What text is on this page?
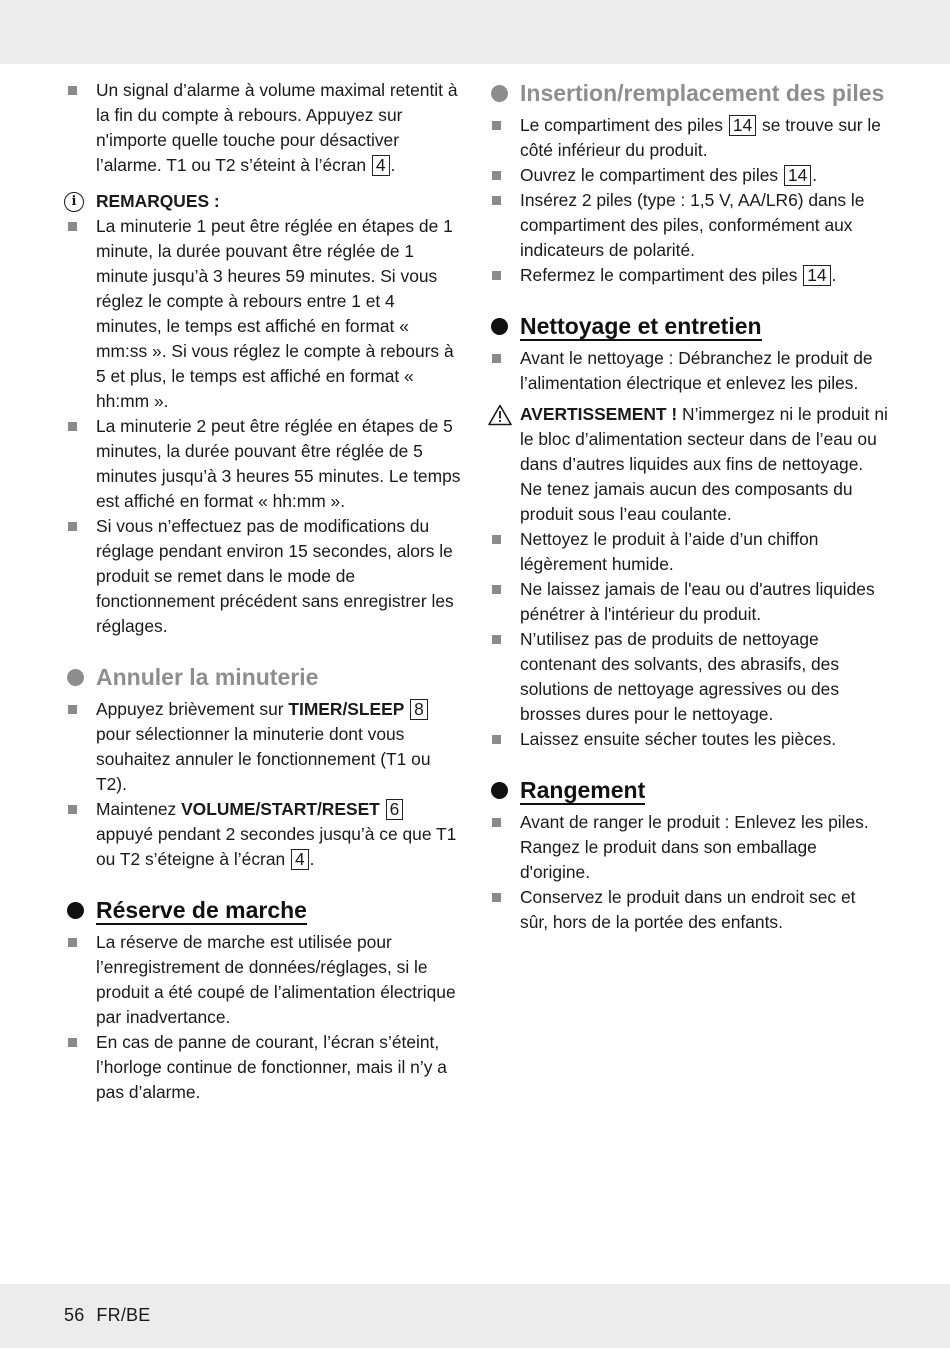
Un signal d’alarme à volume maximal retentit à la fin du compte à rebours. Appuyez sur n'importe quelle touche pour désactiver l’alarme. T1 ou T2 s’éteint à l’écran 4 .
i	REMARQUES :
La minuterie 1 peut être réglée en étapes de 1 minute, la durée pouvant être réglée de 1 minute jusqu’à 3 heures 59 minutes. Si vous réglez le compte à rebours entre 1 et 4 minutes, le temps est affiché en format « mm:ss ». Si vous réglez le compte à rebours à 5 et plus, le temps est affiché en format « hh:mm ».
La minuterie 2 peut être réglée en étapes de 5 minutes, la durée pouvant être réglée de 5 minutes jusqu’à 3 heures 55 minutes. Le temps est affiché en format « hh:mm ».
Si vous n’effectuez pas de modifications du réglage pendant environ 15 secondes, alors le produit se remet dans le mode de fonctionnement précédent sans enregistrer les réglages.
Annuler la minuterie
Appuyez brièvement sur TIMER/SLEEP 8 pour sélectionner la minuterie dont vous souhaitez annuler le fonctionnement (T1 ou T2).
Maintenez VOLUME/START/RESET 6 appuyé pendant 2 secondes jusqu’à ce que T1 ou T2 s’éteigne à l’écran 4 .
Réserve de marche
La réserve de marche est utilisée pour l’enregistrement de données/réglages, si le produit a été coupé de l’alimentation électrique par inadvertance.
En cas de panne de courant, l’écran s’éteint, l’horloge continue de fonctionner, mais il n’y a pas d’alarme.
Insertion/remplacement des piles
Le compartiment des piles 14 se trouve sur le côté inférieur du produit.
Ouvrez le compartiment des piles 14 .
Insérez 2 piles (type : 1,5 V, AA/LR6) dans le compartiment des piles, conformément aux indicateurs de polarité.
Refermez le compartiment des piles 14 .
Nettoyage et entretien
Avant le nettoyage : Débranchez le produit de l’alimentation électrique et enlevez les piles.
AVERTISSEMENT ! N’immergez ni le produit ni le bloc d’alimentation secteur dans de l’eau ou dans d’autres liquides aux fins de nettoyage. Ne tenez jamais aucun des composants du produit sous l’eau coulante.
Nettoyez le produit à l’aide d’un chiffon légèrement humide.
Ne laissez jamais de l'eau ou d'autres liquides pénétrer à l'intérieur du produit.
N’utilisez pas de produits de nettoyage contenant des solvants, des abrasifs, des solutions de nettoyage agressives ou des brosses dures pour le nettoyage.
Laissez ensuite sécher toutes les pièces.
Rangement
Avant de ranger le produit : Enlevez les piles. Rangez le produit dans son emballage d'origine.
Conservez le produit dans un endroit sec et sûr, hors de la portée des enfants.
56 FR/BE
